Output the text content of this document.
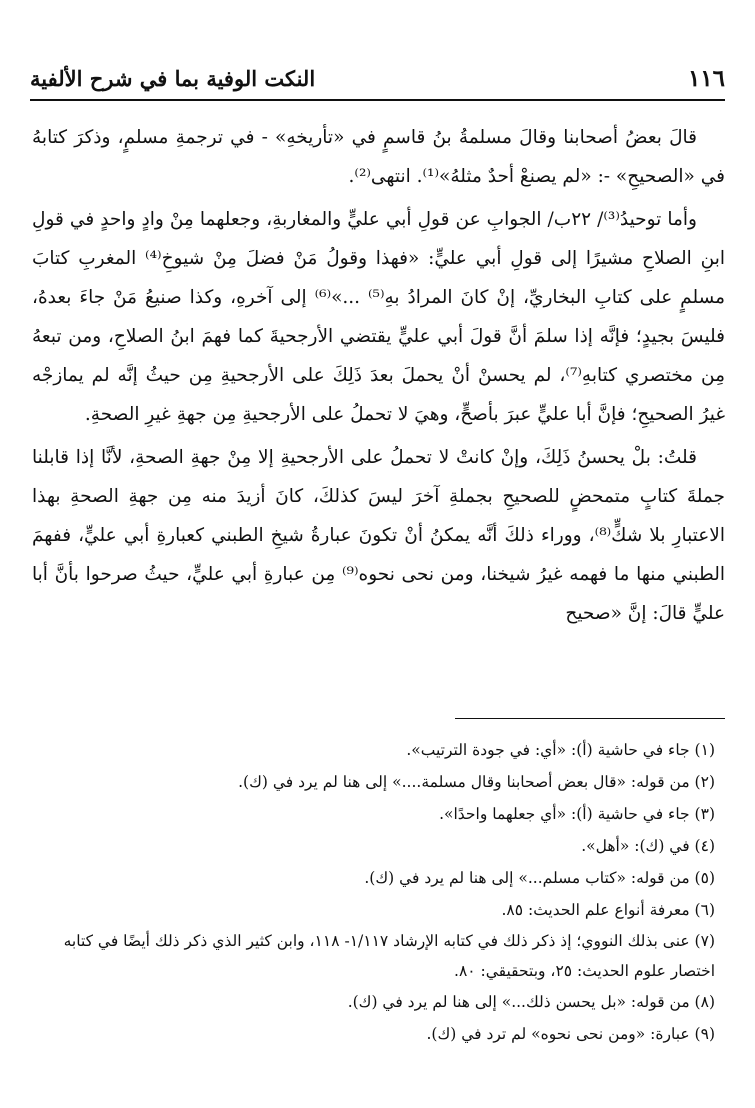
١١٦
النكت الوفية بما في شرح الألفية

قالَ بعضُ أصحابنا وقالَ مسلمةُ بنُ قاسمٍ في «تأريخهِ» - في ترجمةِ مسلمٍ، وذكرَ كتابهُ في «الصحيحِ» -: «لم يصنعْ أحدٌ مثلهُ»⁽¹⁾. انتهى⁽²⁾.

وأما توحيدُ⁽³⁾/ ٢٢ب/ الجوابِ عن قولِ أبي عليٍّ والمغاربةِ، وجعلهما مِنْ وادٍ واحدٍ في قولِ ابنِ الصلاحِ مشيرًا إلى قولِ أبي عليٍّ: «فهذا وقولُ مَنْ فضلَ مِنْ شيوخِ⁽⁴⁾ المغربِ كتابَ مسلمٍ على كتابِ البخاريِّ، إنْ كانَ المرادُ بهِ⁽⁵⁾ ...»⁽⁶⁾ إلى آخرهِ، وكذا صنيعُ مَنْ جاءَ بعدهُ، فليسَ بجيدٍ؛ فإنَّه إذا سلمَ أنَّ قولَ أبي عليٍّ يقتضي الأرجحيةَ كما فهمَ ابنُ الصلاحِ، ومن تبعهُ مِن مختصري كتابهِ⁽⁷⁾، لم يحسنْ أنْ يحملَ بعدَ ذَلِكَ على الأرجحيةِ مِن حيثُ إنَّه لم يمازجْه غيرُ الصحيحِ؛ فإنَّ أبا عليٍّ عبرَ بأصحٍّ، وهيَ لا تحملُ على الأرجحيةِ مِن جهةِ غيرِ الصحةِ.

قلتُ: بلْ يحسنُ ذَلِكَ، وإنْ كانتْ لا تحملُ على الأرجحيةِ إلا مِنْ جهةِ الصحةِ، لأنَّا إذا قابلنا جملةَ كتابٍ متمحضٍ للصحيحِ بجملةِ آخرَ ليسَ كذلكَ، كانَ أزيدَ منه مِن جهةِ الصحةِ بهذا الاعتبارِ بلا شكٍّ⁽⁸⁾، ووراء ذلكَ أنَّه يمكنُ أنْ تكونَ عبارةُ شيخِ الطبني كعبارةِ أبي عليٍّ، ففهمَ الطبني منها ما فهمه غيرُ شيخنا، ومن نحى نحوه⁽⁹⁾ مِن عبارةِ أبي عليٍّ، حيثُ صرحوا بأنَّ أبا عليٍّ قالَ: إنَّ «صحيح

(١) جاء في حاشية (أ): «أي: في جودة الترتيب».

(٢) من قوله: «قال بعض أصحابنا وقال مسلمة....» إلى هنا لم يرد في (ك).

(٣) جاء في حاشية (أ): «أي جعلهما واحدًا».

(٤) في (ك): «أهل».

(٥) من قوله: «كتاب مسلم...» إلى هنا لم يرد في (ك).

(٦) معرفة أنواع علم الحديث: ٨٥.

(٧) عنى بذلك النووي؛ إذ ذكر ذلك في كتابه الإرشاد ١/١١٧- ١١٨، وابن كثير الذي ذكر ذلك أيضًا في كتابه اختصار علوم الحديث: ٢٥، وبتحقيقي: ٨٠.

(٨) من قوله: «بل يحسن ذلك...» إلى هنا لم يرد في (ك).

(٩) عبارة: «ومن نحى نحوه» لم ترد في (ك).
